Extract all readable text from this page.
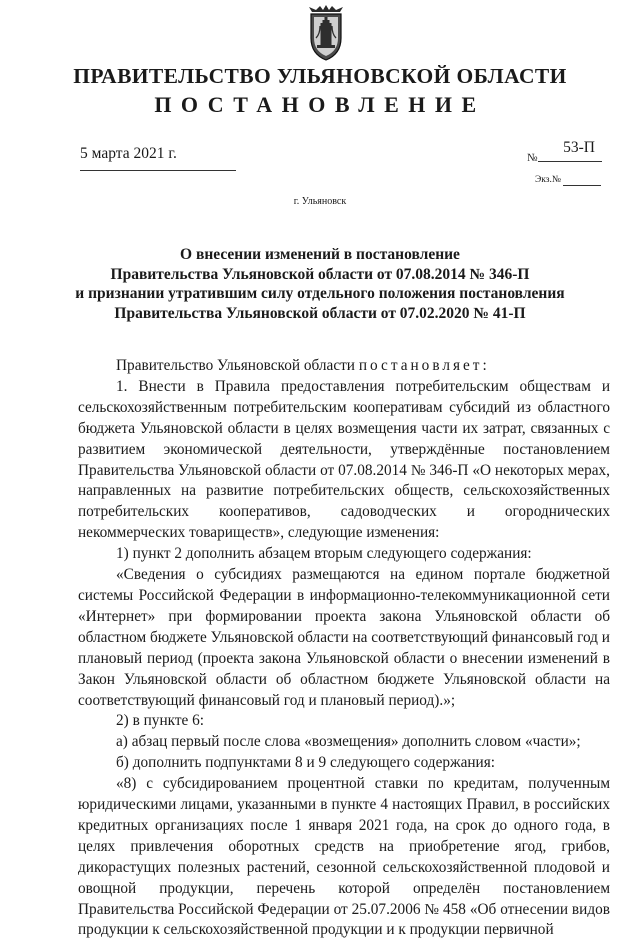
ПРАВИТЕЛЬСТВО УЛЬЯНОВСКОЙ ОБЛАСТИ
ПОСТАНОВЛЕНИЕ
5 марта 2021 г.	№
53-П
Экз.№
г. Ульяновск
О внесении изменений в постановление
Правительства Ульяновской области от 07.08.2014 № 346-П
и признании утратившим силу отдельного положения постановления
Правительства Ульяновской области от 07.02.2020 № 41-П

Правительство Ульяновской области постановляет:

1. Внести в Правила предоставления потребительским обществам и сельскохозяйственным потребительским кооперативам субсидий из областного бюджета Ульяновской области в целях возмещения части их затрат, связанных с развитием экономической деятельности, утверждённые постановлением Правительства Ульяновской области от 07.08.2014 № 346-П «О некоторых мерах, направленных на развитие потребительских обществ, сельскохозяйственных потребительских кооперативов, садоводческих и огороднических некоммерческих товариществ», следующие изменения:

1) пункт 2 дополнить абзацем вторым следующего содержания:

«Сведения о субсидиях размещаются на едином портале бюджетной системы Российской Федерации в информационно-телекоммуникационной сети «Интернет» при формировании проекта закона Ульяновской области об областном бюджете Ульяновской области на соответствующий финансовый год и плановый период (проекта закона Ульяновской области о внесении изменений в Закон Ульяновской области об областном бюджете Ульяновской области на соответствующий финансовый год и плановый период).»;

2) в пункте 6:

а) абзац первый после слова «возмещения» дополнить словом «части»;

б) дополнить подпунктами 8 и 9 следующего содержания:

«8) с субсидированием процентной ставки по кредитам, полученным юридическими лицами, указанными в пункте 4 настоящих Правил, в российских кредитных организациях после 1 января 2021 года, на срок до одного года, в целях привлечения оборотных средств на приобретение ягод, грибов, дикорастущих полезных растений, сезонной сельскохозяйственной плодовой и овощной продукции, перечень которой определён постановлением Правительства Российской Федерации от 25.07.2006 № 458 «Об отнесении видов продукции к сельскохозяйственной продукции и к продукции первичной
